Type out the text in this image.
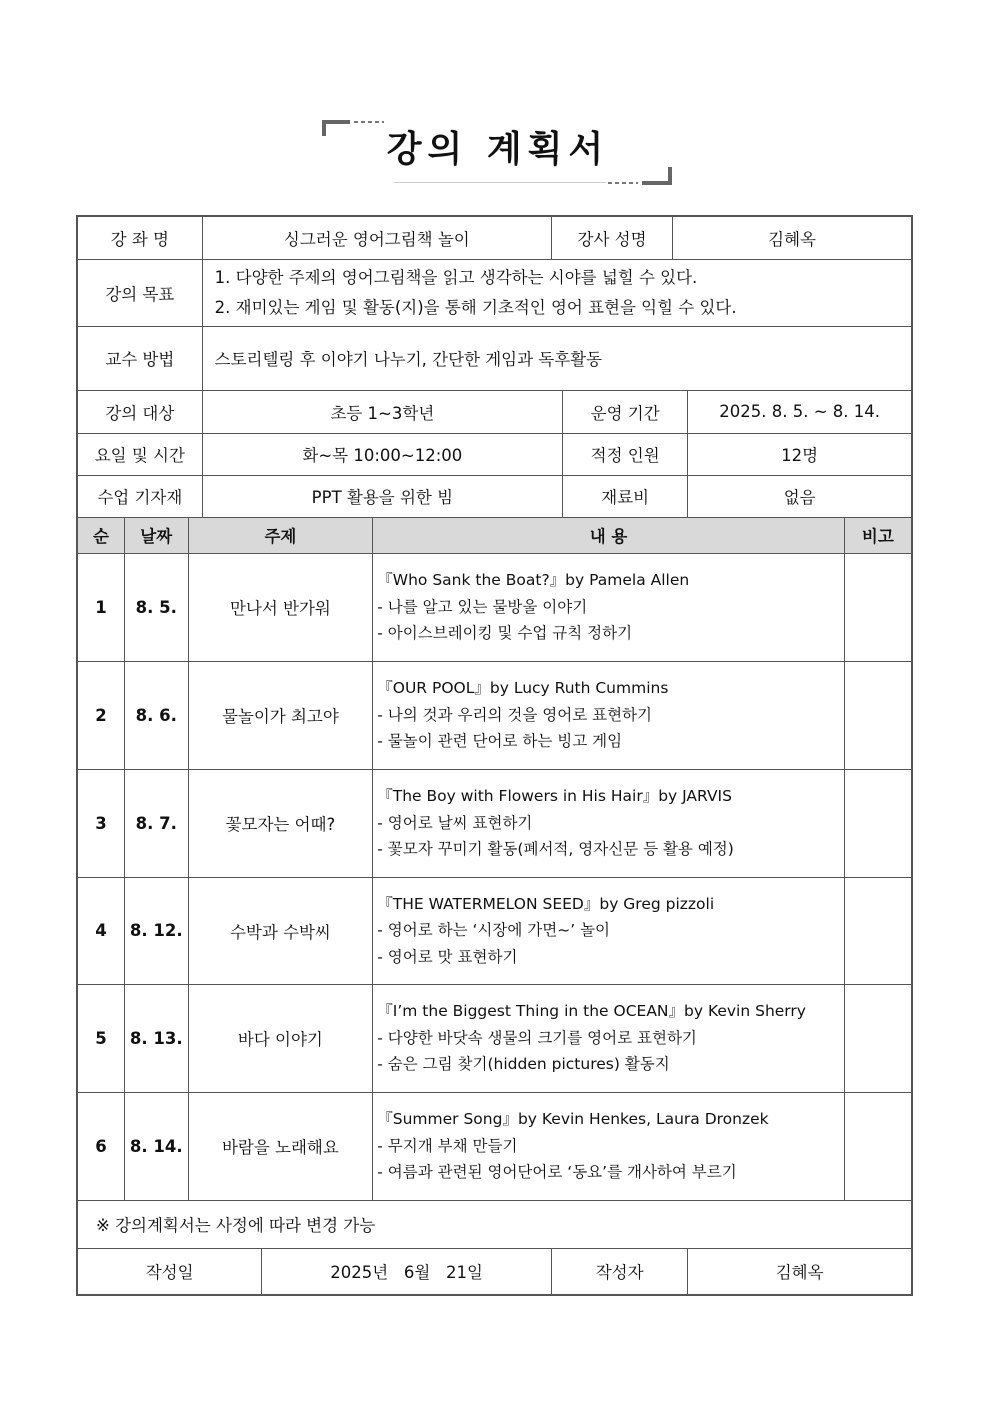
강의 계획서
강 좌 명			싱그러운 영어그림책 놀이			강사 성명		김혜옥		
강의 목표			1. 다양한 주제의 영어그림책을 읽고 생각하는 시야를 넓힐 수 있다.
2. 재미있는 게임 및 활동(지)을 통해 기초적인 영어 표현을 익힐 수 있다.							

교수 방법			스토리텔링 후 이야기 나누기, 간단한 게임과 독후활동							
강의 대상			초등 1~3학년				운영 기간		2025. 8. 5. ~ 8. 14.	
요일 및 시간			화~목 10:00~12:00				적정 인원		12명	
수업 기자재			PPT 활용을 위한 빔				재료비		없음	
순	날짜	주제			내 용					비고
1	8. 5.	만나서 반가워			『Who Sank the Boat?』by Pamela Allen
- 나를 알고 있는 물방울 이야기
- 아이스브레이킹 및 수업 규칙 정하기					

2	8. 6.	물놀이가 최고야			『OUR POOL』by Lucy Ruth Cummins
- 나의 것과 우리의 것을 영어로 표현하기
- 물놀이 관련 단어로 하는 빙고 게임					

3	8. 7.	꽃모자는 어때?			『The Boy with Flowers in His Hair』by JARVIS
- 영어로 날씨 표현하기
- 꽃모자 꾸미기 활동(폐서적, 영자신문 등 활용 예정)					

4	8. 12.	수박과 수박씨			『THE WATERMELON SEED』by Greg pizzoli
- 영어로 하는 ‘시장에 가면~’ 놀이
- 영어로 맛 표현하기					

5	8. 13.	바다 이야기			『I’m the Biggest Thing in the OCEAN』by Kevin Sherry
- 다양한 바닷속 생물의 크기를 영어로 표현하기
- 숨은 그림 찾기(hidden pictures) 활동지					

6	8. 14.	바람을 노래해요			『Summer Song』by Kevin Henkes, Laura Dronzek
- 무지개 부채 만들기
- 여름과 관련된 영어단어로 ‘동요’를 개사하여 부르기					

※ 강의계획서는 사정에 따라 변경 가능										
작성일				2025년   6월   21일		작성자			김혜옥	
